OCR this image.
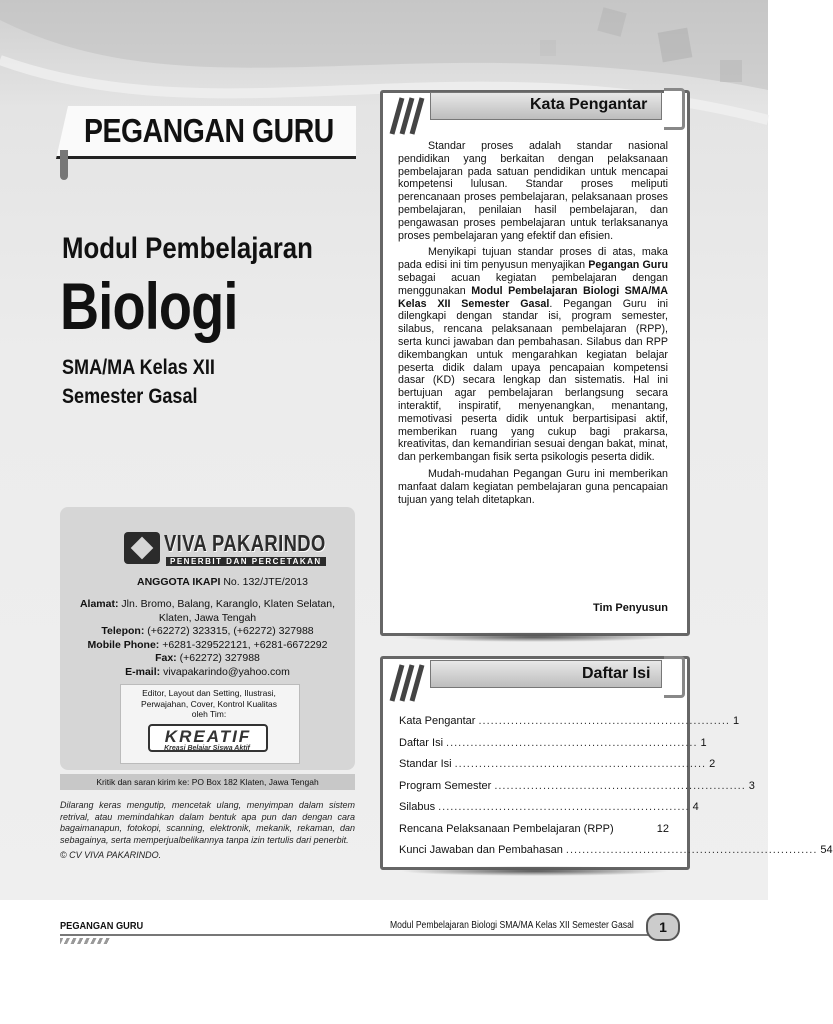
PEGANGAN GURU
Modul Pembelajaran
Biologi
SMA/MA Kelas XII
Semester Gasal
VIVA PAKARINDO
PENERBIT DAN PERCETAKAN
ANGGOTA IKAPI No. 132/JTE/2013
Alamat: Jln. Bromo, Balang, Karanglo, Klaten Selatan,
Klaten, Jawa Tengah
Telepon: (+62272) 323315, (+62272) 327988
Mobile Phone: +6281-329522121, +6281-6672292
Fax: (+62272) 327988
E-mail: vivapakarindo@yahoo.com
Editor, Layout dan Setting, Ilustrasi,
Perwajahan, Cover, Kontrol Kualitas
oleh Tim:
KREATIF
Kreasi Belajar Siswa Aktif
Kritik dan saran kirim ke: PO Box 182 Klaten, Jawa Tengah
Dilarang keras mengutip, mencetak ulang, menyimpan dalam sistem retrival, atau memindahkan dalam bentuk apa pun dan dengan cara bagaimanapun, fotokopi, scanning, elektronik, mekanik, rekaman, dan sebagainya, serta memperjualbelikannya tanpa izin tertulis dari penerbit.
© CV VIVA PAKARINDO.
Kata Pengantar

Standar proses adalah standar nasional pendidikan yang berkaitan dengan pelaksanaan pembelajaran pada satuan pendidikan untuk mencapai kompetensi lulusan. Standar proses meliputi perencanaan proses pembelajaran, pelaksanaan proses pembelajaran, penilaian hasil pembelajaran, dan pengawasan proses pembelajaran untuk terlaksananya proses pembelajaran yang efektif dan efisien.

Menyikapi tujuan standar proses di atas, maka pada edisi ini tim penyusun menyajikan Pegangan Guru sebagai acuan kegiatan pembelajaran dengan menggunakan Modul Pembelajaran Biologi SMA/MA Kelas XII Semester Gasal. Pegangan Guru ini dilengkapi dengan standar isi, program semester, silabus, rencana pelaksanaan pembelajaran (RPP), serta kunci jawaban dan pembahasan. Silabus dan RPP dikembangkan untuk mengarahkan kegiatan belajar peserta didik dalam upaya pencapaian kompetensi dasar (KD) secara lengkap dan sistematis. Hal ini bertujuan agar pembelajaran berlangsung secara interaktif, inspiratif, menyenangkan, menantang, memotivasi peserta didik untuk berpartisipasi aktif, memberikan ruang yang cukup bagi prakarsa, kreativitas, dan kemandirian sesuai dengan bakat, minat, dan perkembangan fisik serta psikologis peserta didik.

Mudah-mudahan Pegangan Guru ini memberikan manfaat dalam kegiatan pembelajaran guna pencapaian tujuan yang telah ditetapkan.

Tim Penyusun
Daftar Isi
Kata Pengantar .............................................................. 1
Daftar Isi .............................................................. 1
Standar Isi .............................................................. 2
Program Semester .............................................................. 3
Silabus .............................................................. 4
Rencana Pelaksanaan Pembelajaran (RPP)	12
Kunci Jawaban dan Pembahasan .............................................................. 54
PEGANGAN GURU	Modul Pembelajaran Biologi SMA/MA Kelas XII Semester Gasal	1
